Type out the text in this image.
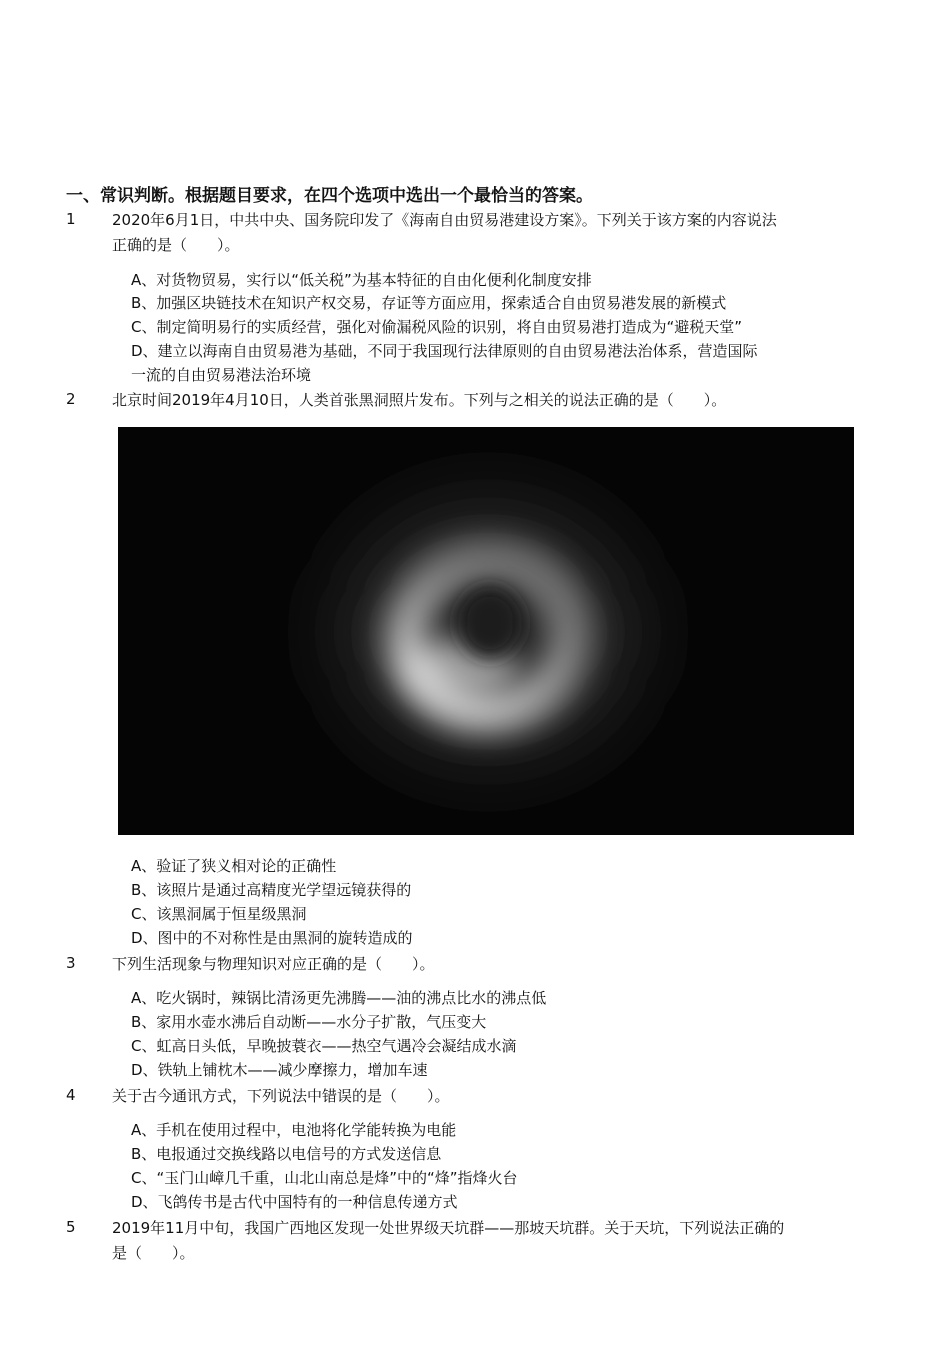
一、常识判断。根据题目要求，在四个选项中选出一个最恰当的答案。
1 2020年6月1日，中共中央、国务院印发了《海南自由贸易港建设方案》。下列关于该方案的内容说法
正确的是（　　）。
A、对货物贸易，实行以“低关税”为基本特征的自由化便利化制度安排
B、加强区块链技术在知识产权交易，存证等方面应用，探索适合自由贸易港发展的新模式
C、制定简明易行的实质经营，强化对偷漏税风险的识别，将自由贸易港打造成为“避税天堂”
D、建立以海南自由贸易港为基础，不同于我国现行法律原则的自由贸易港法治体系，营造国际
一流的自由贸易港法治环境
2 北京时间2019年4月10日，人类首张黑洞照片发布。下列与之相关的说法正确的是（　　）。
A、验证了狭义相对论的正确性
B、该照片是通过高精度光学望远镜获得的
C、该黑洞属于恒星级黑洞
D、图中的不对称性是由黑洞的旋转造成的
3 下列生活现象与物理知识对应正确的是（　　）。
A、吃火锅时，辣锅比清汤更先沸腾——油的沸点比水的沸点低
B、家用水壶水沸后自动断——水分子扩散，气压变大
C、虹高日头低，早晚披蓑衣——热空气遇冷会凝结成水滴
D、铁轨上铺枕木——减少摩擦力，增加车速
4 关于古今通讯方式，下列说法中错误的是（　　）。
A、手机在使用过程中，电池将化学能转换为电能
B、电报通过交换线路以电信号的方式发送信息
C、“玉门山嶂几千重，山北山南总是烽”中的“烽”指烽火台
D、飞鸽传书是古代中国特有的一种信息传递方式
5 2019年11月中旬，我国广西地区发现一处世界级天坑群——那坡天坑群。关于天坑，下列说法正确的
是（　　）。
